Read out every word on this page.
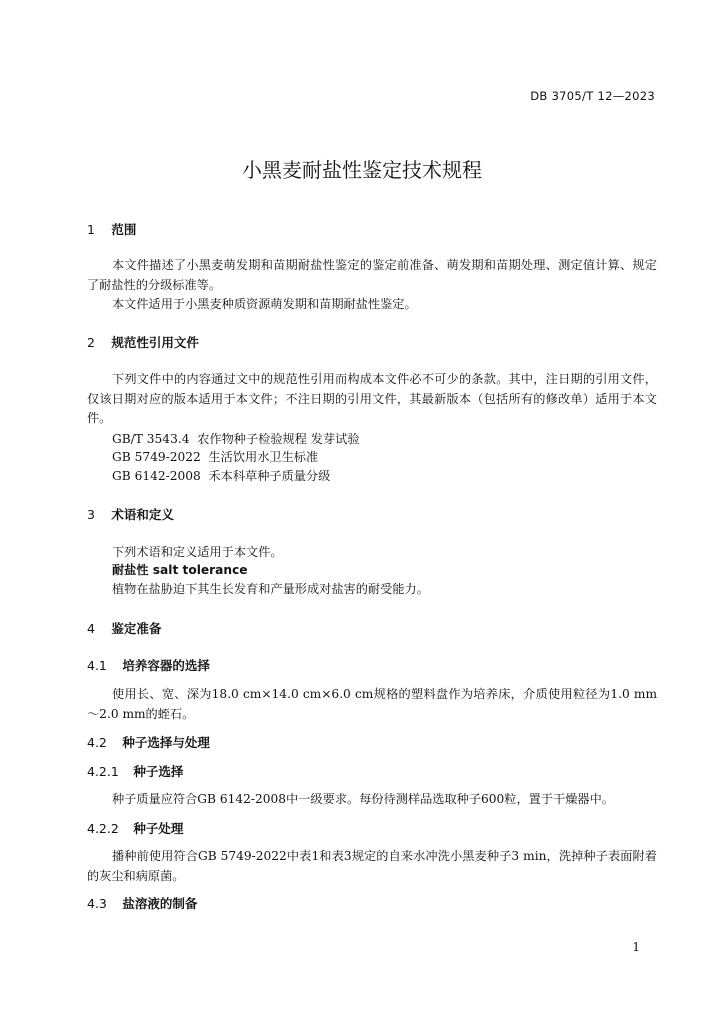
DB 3705/T 12—2023
小黑麦耐盐性鉴定技术规程
1 范围
本文件描述了小黑麦萌发期和苗期耐盐性鉴定的鉴定前准备、萌发期和苗期处理、测定值计算、规定了耐盐性的分级标准等。
本文件适用于小黑麦种质资源萌发期和苗期耐盐性鉴定。
2 规范性引用文件
下列文件中的内容通过文中的规范性引用而构成本文件必不可少的条款。其中，注日期的引用文件，仅该日期对应的版本适用于本文件；不注日期的引用文件，其最新版本（包括所有的修改单）适用于本文件。
GB/T 3543.4  农作物种子检验规程 发芽试验
GB 5749-2022  生活饮用水卫生标准
GB 6142-2008  禾本科草种子质量分级
3 术语和定义
下列术语和定义适用于本文件。
耐盐性 salt tolerance
植物在盐胁迫下其生长发育和产量形成对盐害的耐受能力。
4 鉴定准备
4.1 培养容器的选择
使用长、宽、深为18.0 cm×14.0 cm×6.0 cm规格的塑料盘作为培养床，介质使用粒径为1.0 mm～2.0 mm的蛭石。
4.2 种子选择与处理
4.2.1 种子选择
种子质量应符合GB 6142-2008中一级要求。每份待测样品选取种子600粒，置于干燥器中。
4.2.2 种子处理
播种前使用符合GB 5749-2022中表1和表3规定的自来水冲洗小黑麦种子3 min，洗掉种子表面附着的灰尘和病原菌。
4.3 盐溶液的制备
1
